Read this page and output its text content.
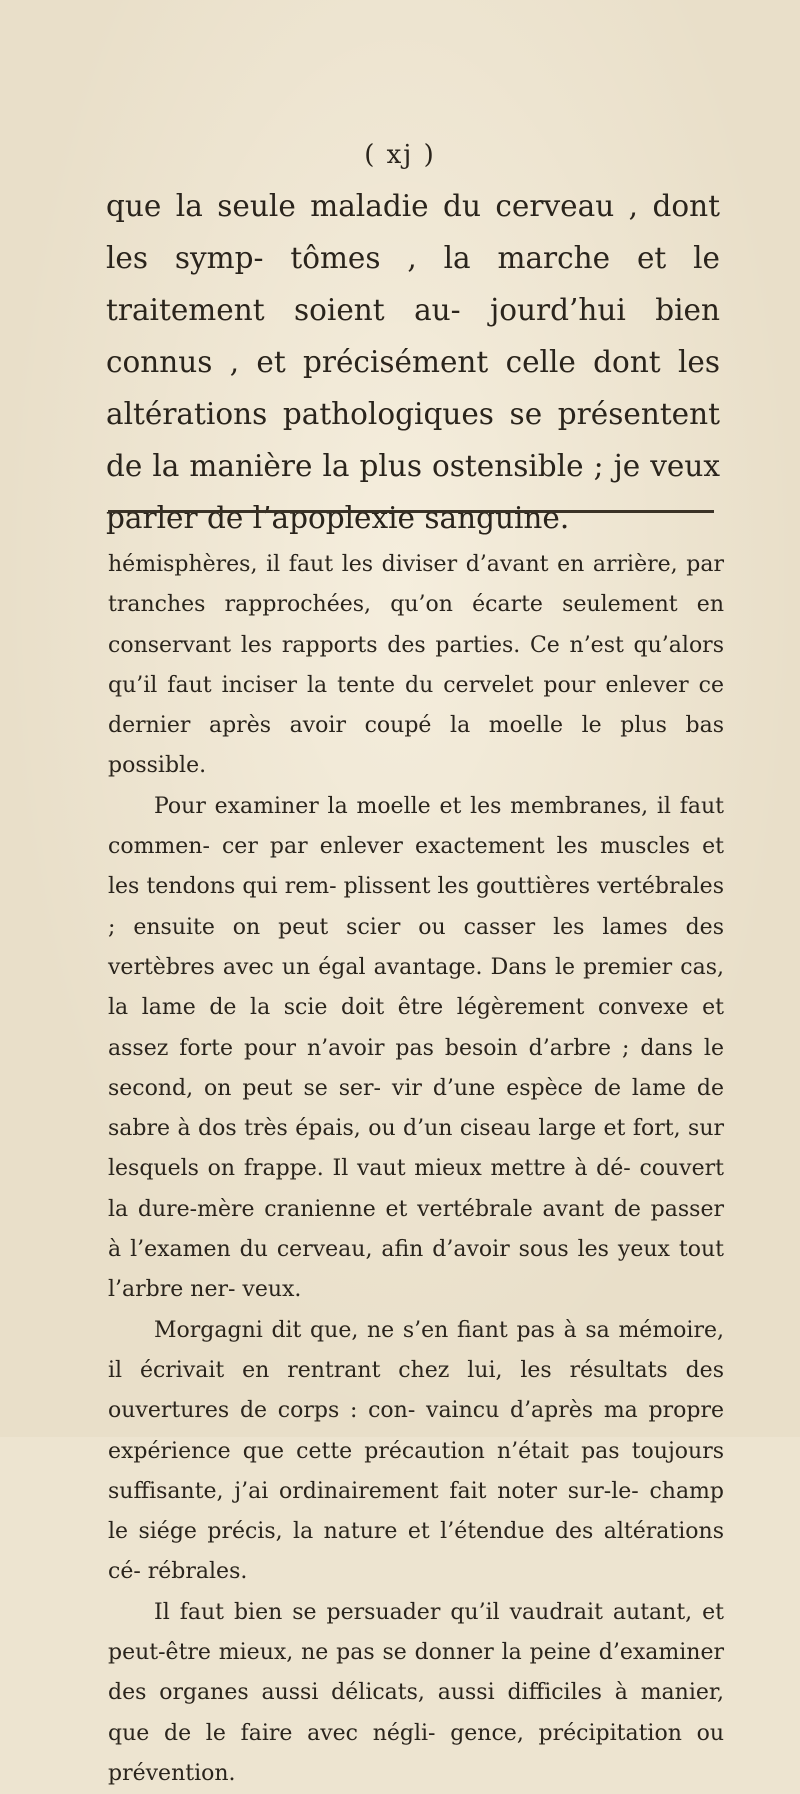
( xj )

que la seule maladie du cerveau , dont les symp- tômes , la marche et le traitement soient au- jourd’hui bien connus , et précisément celle dont les altérations pathologiques se présentent de la manière la plus ostensible ; je veux parler de l’apoplexie sanguine.

hémisphères, il faut les diviser d’avant en arrière, par tranches rapprochées, qu’on écarte seulement en conservant les rapports des parties. Ce n’est qu’alors qu’il faut inciser la tente du cervelet pour enlever ce dernier après avoir coupé la moelle le plus bas possible.

Pour examiner la moelle et les membranes, il faut commen- cer par enlever exactement les muscles et les tendons qui rem- plissent les gouttières vertébrales ; ensuite on peut scier ou casser les lames des vertèbres avec un égal avantage. Dans le premier cas, la lame de la scie doit être légèrement convexe et assez forte pour n’avoir pas besoin d’arbre ; dans le second, on peut se ser- vir d’une espèce de lame de sabre à dos très épais, ou d’un ciseau large et fort, sur lesquels on frappe. Il vaut mieux mettre à dé- couvert la dure-mère cranienne et vertébrale avant de passer à l’examen du cerveau, afin d’avoir sous les yeux tout l’arbre ner- veux.

Morgagni dit que, ne s’en fiant pas à sa mémoire, il écrivait en rentrant chez lui, les résultats des ouvertures de corps : con- vaincu d’après ma propre expérience que cette précaution n’était pas toujours suffisante, j’ai ordinairement fait noter sur-le- champ le siége précis, la nature et l’étendue des altérations cé- rébrales.

Il faut bien se persuader qu’il vaudrait autant, et peut-être mieux, ne pas se donner la peine d’examiner des organes aussi délicats, aussi difficiles à manier, que de le faire avec négli- gence, précipitation ou prévention.
